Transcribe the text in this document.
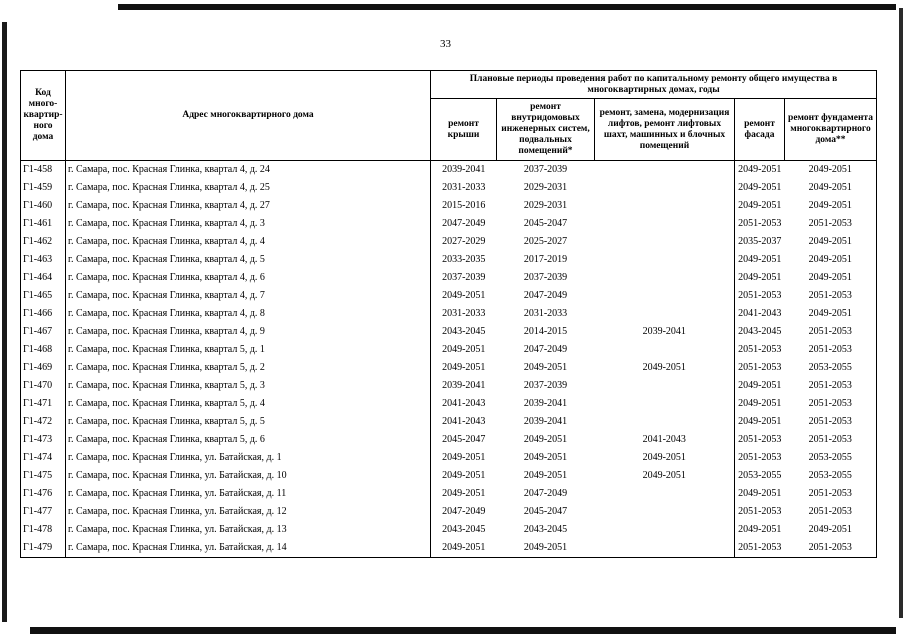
33
Код много-квартир-ного дома	Адрес многоквартирного дома	Плановые периоды проведения работ по капитальному ремонту общего имущества в многоквартирных домах, годы				
		ремонт крыши	ремонт внутридомовых инженерных систем, подвальных помещений*	ремонт, замена, модернизация лифтов, ремонт лифтовых шахт, машинных и блочных помещений	ремонт фасада	ремонт фундамента многоквартирного дома**
Г1-458	г. Самара, пос. Красная Глинка, квартал 4, д. 24	2039-2041	2037-2039		2049-2051	2049-2051
Г1-459	г. Самара, пос. Красная Глинка, квартал 4, д. 25	2031-2033	2029-2031		2049-2051	2049-2051
Г1-460	г. Самара, пос. Красная Глинка, квартал 4, д. 27	2015-2016	2029-2031		2049-2051	2049-2051
Г1-461	г. Самара, пос. Красная Глинка, квартал 4, д. 3	2047-2049	2045-2047		2051-2053	2051-2053
Г1-462	г. Самара, пос. Красная Глинка, квартал 4, д. 4	2027-2029	2025-2027		2035-2037	2049-2051
Г1-463	г. Самара, пос. Красная Глинка, квартал 4, д. 5	2033-2035	2017-2019		2049-2051	2049-2051
Г1-464	г. Самара, пос. Красная Глинка, квартал 4, д. 6	2037-2039	2037-2039		2049-2051	2049-2051
Г1-465	г. Самара, пос. Красная Глинка, квартал 4, д. 7	2049-2051	2047-2049		2051-2053	2051-2053
Г1-466	г. Самара, пос. Красная Глинка, квартал 4, д. 8	2031-2033	2031-2033		2041-2043	2049-2051
Г1-467	г. Самара, пос. Красная Глинка, квартал 4, д. 9	2043-2045	2014-2015	2039-2041	2043-2045	2051-2053
Г1-468	г. Самара, пос. Красная Глинка, квартал 5, д. 1	2049-2051	2047-2049		2051-2053	2051-2053
Г1-469	г. Самара, пос. Красная Глинка, квартал 5, д. 2	2049-2051	2049-2051	2049-2051	2051-2053	2053-2055
Г1-470	г. Самара, пос. Красная Глинка, квартал 5, д. 3	2039-2041	2037-2039		2049-2051	2051-2053
Г1-471	г. Самара, пос. Красная Глинка, квартал 5, д. 4	2041-2043	2039-2041		2049-2051	2051-2053
Г1-472	г. Самара, пос. Красная Глинка, квартал 5, д. 5	2041-2043	2039-2041		2049-2051	2051-2053
Г1-473	г. Самара, пос. Красная Глинка, квартал 5, д. 6	2045-2047	2049-2051	2041-2043	2051-2053	2051-2053
Г1-474	г. Самара, пос. Красная Глинка, ул. Батайская, д. 1	2049-2051	2049-2051	2049-2051	2051-2053	2053-2055
Г1-475	г. Самара, пос. Красная Глинка, ул. Батайская, д. 10	2049-2051	2049-2051	2049-2051	2053-2055	2053-2055
Г1-476	г. Самара, пос. Красная Глинка, ул. Батайская, д. 11	2049-2051	2047-2049		2049-2051	2051-2053
Г1-477	г. Самара, пос. Красная Глинка, ул. Батайская, д. 12	2047-2049	2045-2047		2051-2053	2051-2053
Г1-478	г. Самара, пос. Красная Глинка, ул. Батайская, д. 13	2043-2045	2043-2045		2049-2051	2049-2051
Г1-479	г. Самара, пос. Красная Глинка, ул. Батайская, д. 14	2049-2051	2049-2051		2051-2053	2051-2053
